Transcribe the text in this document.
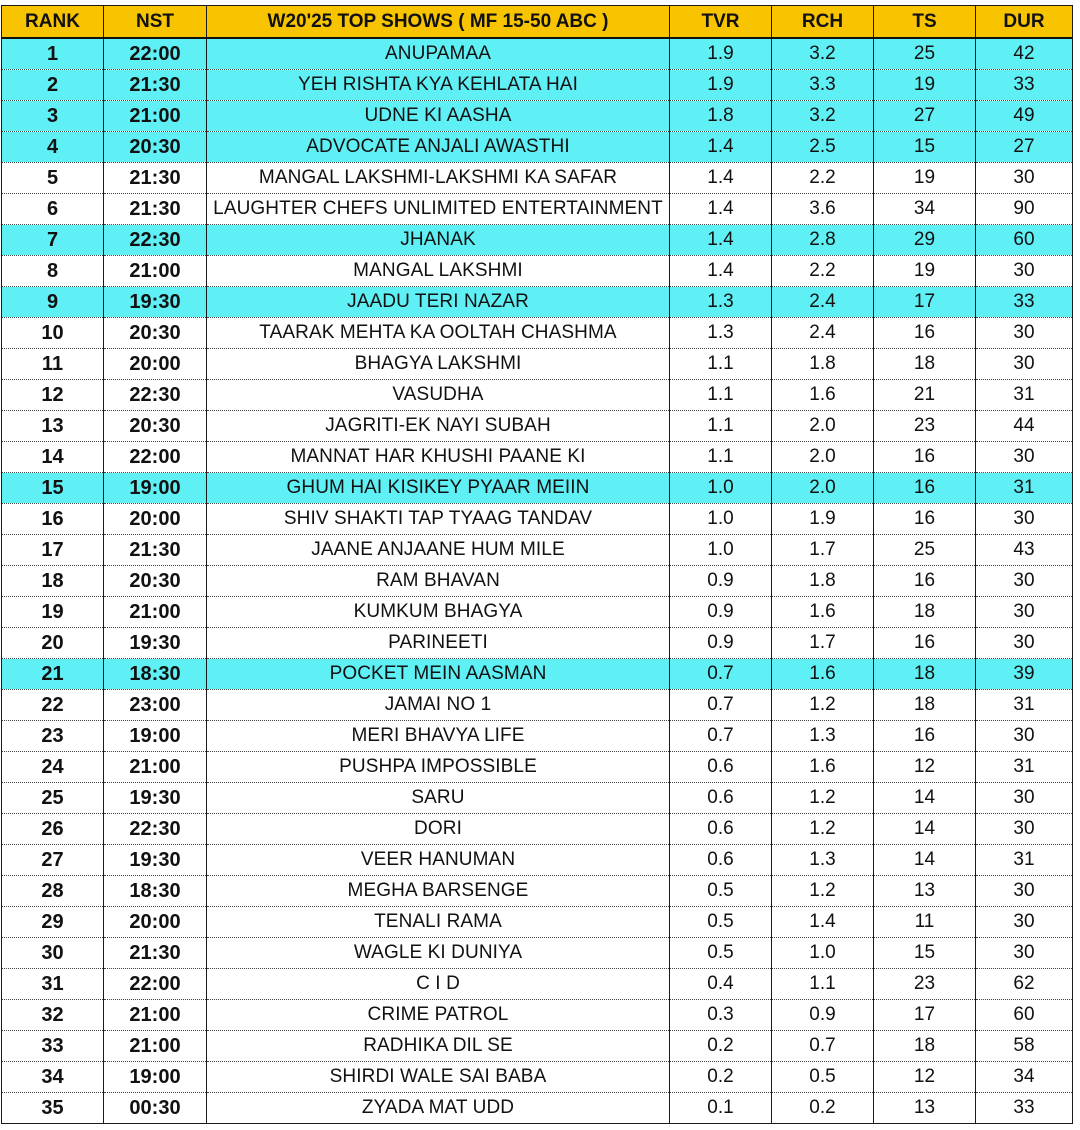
RANK	NST	W20'25 TOP SHOWS ( MF 15-50 ABC )	TVR	RCH	TS	DUR
1	22:00	ANUPAMAA	1.9	3.2	25	42
2	21:30	YEH RISHTA KYA KEHLATA HAI	1.9	3.3	19	33
3	21:00	UDNE KI AASHA	1.8	3.2	27	49
4	20:30	ADVOCATE ANJALI AWASTHI	1.4	2.5	15	27
5	21:30	MANGAL LAKSHMI-LAKSHMI KA SAFAR	1.4	2.2	19	30
6	21:30	LAUGHTER CHEFS UNLIMITED ENTERTAINMENT	1.4	3.6	34	90
7	22:30	JHANAK	1.4	2.8	29	60
8	21:00	MANGAL LAKSHMI	1.4	2.2	19	30
9	19:30	JAADU TERI NAZAR	1.3	2.4	17	33
10	20:30	TAARAK MEHTA KA OOLTAH CHASHMA	1.3	2.4	16	30
11	20:00	BHAGYA LAKSHMI	1.1	1.8	18	30
12	22:30	VASUDHA	1.1	1.6	21	31
13	20:30	JAGRITI-EK NAYI SUBAH	1.1	2.0	23	44
14	22:00	MANNAT HAR KHUSHI PAANE KI	1.1	2.0	16	30
15	19:00	GHUM HAI KISIKEY PYAAR MEIIN	1.0	2.0	16	31
16	20:00	SHIV SHAKTI TAP TYAAG TANDAV	1.0	1.9	16	30
17	21:30	JAANE ANJAANE HUM MILE	1.0	1.7	25	43
18	20:30	RAM BHAVAN	0.9	1.8	16	30
19	21:00	KUMKUM BHAGYA	0.9	1.6	18	30
20	19:30	PARINEETI	0.9	1.7	16	30
21	18:30	POCKET MEIN AASMAN	0.7	1.6	18	39
22	23:00	JAMAI NO 1	0.7	1.2	18	31
23	19:00	MERI BHAVYA LIFE	0.7	1.3	16	30
24	21:00	PUSHPA IMPOSSIBLE	0.6	1.6	12	31
25	19:30	SARU	0.6	1.2	14	30
26	22:30	DORI	0.6	1.2	14	30
27	19:30	VEER HANUMAN	0.6	1.3	14	31
28	18:30	MEGHA BARSENGE	0.5	1.2	13	30
29	20:00	TENALI RAMA	0.5	1.4	11	30
30	21:30	WAGLE KI DUNIYA	0.5	1.0	15	30
31	22:00	C I D	0.4	1.1	23	62
32	21:00	CRIME PATROL	0.3	0.9	17	60
33	21:00	RADHIKA DIL SE	0.2	0.7	18	58
34	19:00	SHIRDI WALE SAI BABA	0.2	0.5	12	34
35	00:30	ZYADA MAT UDD	0.1	0.2	13	33
